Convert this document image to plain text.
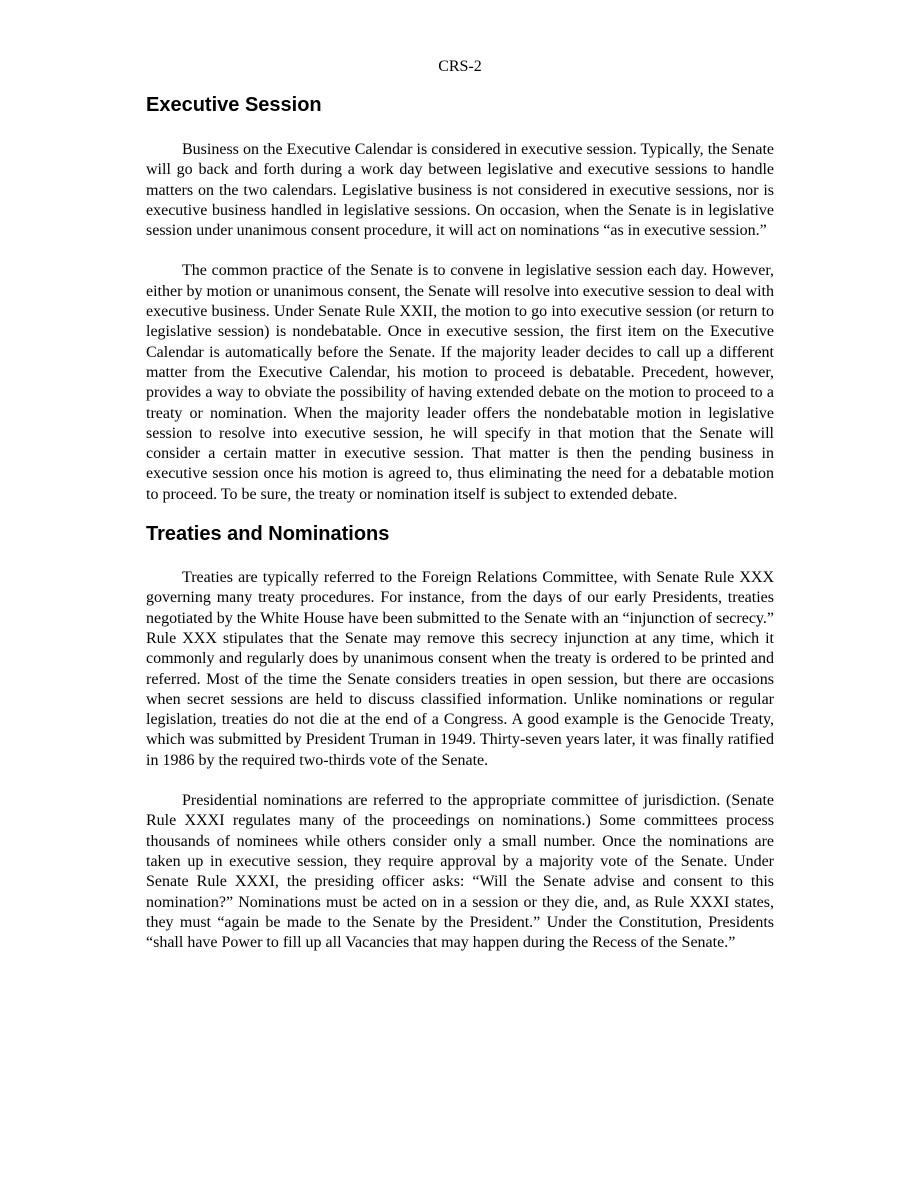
CRS-2
Executive Session

Business on the Executive Calendar is considered in executive session. Typically, the Senate will go back and forth during a work day between legislative and executive sessions to handle matters on the two calendars. Legislative business is not considered in executive sessions, nor is executive business handled in legislative sessions. On occasion, when the Senate is in legislative session under unanimous consent procedure, it will act on nominations “as in executive session.”

The common practice of the Senate is to convene in legislative session each day. However, either by motion or unanimous consent, the Senate will resolve into executive session to deal with executive business. Under Senate Rule XXII, the motion to go into executive session (or return to legislative session) is nondebatable. Once in executive session, the first item on the Executive Calendar is automatically before the Senate. If the majority leader decides to call up a different matter from the Executive Calendar, his motion to proceed is debatable. Precedent, however, provides a way to obviate the possibility of having extended debate on the motion to proceed to a treaty or nomination. When the majority leader offers the nondebatable motion in legislative session to resolve into executive session, he will specify in that motion that the Senate will consider a certain matter in executive session. That matter is then the pending business in executive session once his motion is agreed to, thus eliminating the need for a debatable motion to proceed. To be sure, the treaty or nomination itself is subject to extended debate.

Treaties and Nominations

Treaties are typically referred to the Foreign Relations Committee, with Senate Rule XXX governing many treaty procedures. For instance, from the days of our early Presidents, treaties negotiated by the White House have been submitted to the Senate with an “injunction of secrecy.” Rule XXX stipulates that the Senate may remove this secrecy injunction at any time, which it commonly and regularly does by unanimous consent when the treaty is ordered to be printed and referred. Most of the time the Senate considers treaties in open session, but there are occasions when secret sessions are held to discuss classified information. Unlike nominations or regular legislation, treaties do not die at the end of a Congress. A good example is the Genocide Treaty, which was submitted by President Truman in 1949. Thirty-seven years later, it was finally ratified in 1986 by the required two-thirds vote of the Senate.

Presidential nominations are referred to the appropriate committee of jurisdiction. (Senate Rule XXXI regulates many of the proceedings on nominations.) Some committees process thousands of nominees while others consider only a small number. Once the nominations are taken up in executive session, they require approval by a majority vote of the Senate. Under Senate Rule XXXI, the presiding officer asks: “Will the Senate advise and consent to this nomination?” Nominations must be acted on in a session or they die, and, as Rule XXXI states, they must “again be made to the Senate by the President.” Under the Constitution, Presidents “shall have Power to fill up all Vacancies that may happen during the Recess of the Senate.”
